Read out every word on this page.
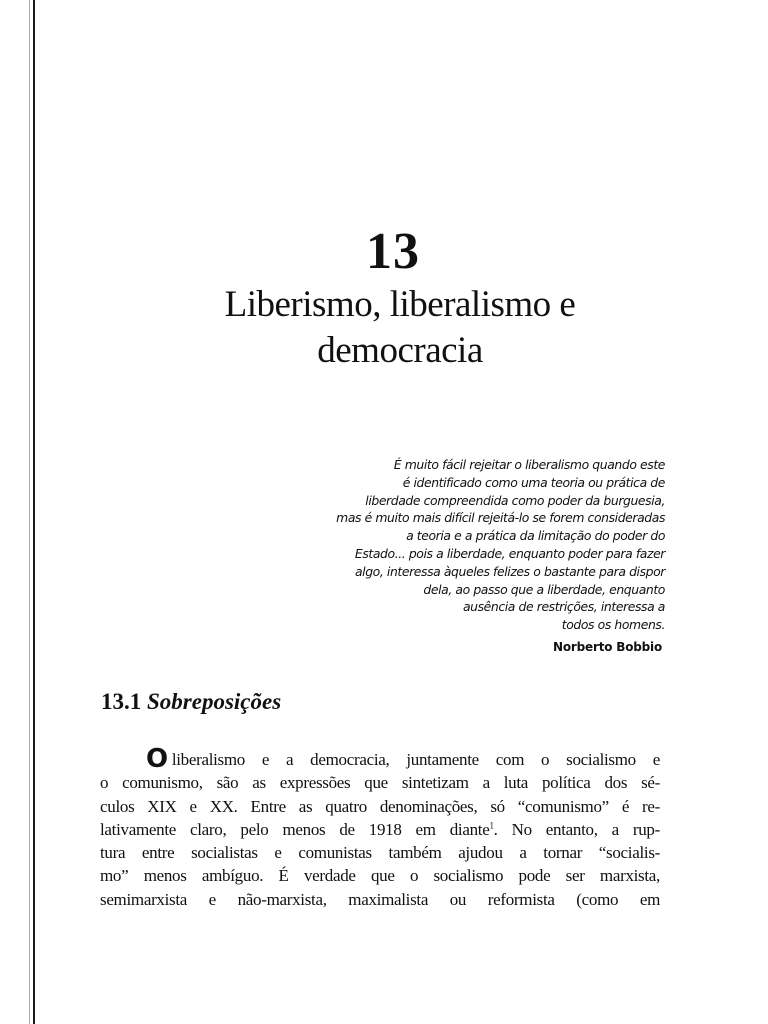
13
Liberismo, liberalismo e
democracia
É muito fácil rejeitar o liberalismo quando este
é identificado como uma teoria ou prática de
liberdade compreendida como poder da burguesia,
mas é muito mais difícil rejeitá-lo se forem consideradas
a teoria e a prática da limitação do poder do
Estado... pois a liberdade, enquanto poder para fazer
algo, interessa àqueles felizes o bastante para dispor
dela, ao passo que a liberdade, enquanto
ausência de restrições, interessa a
todos os homens.
Norberto Bobbio
13.1 Sobreposições
Oliberalismo e a democracia, juntamente com o socialismo e
o comunismo, são as expressões que sintetizam a luta política dos sé-
culos XIX e XX. Entre as quatro denominações, só “comunismo” é re-
lativamente claro, pelo menos de 1918 em diante$^1$. No entanto, a rup-
tura entre socialistas e comunistas também ajudou a tornar “socialis-
mo” menos ambíguo. É verdade que o socialismo pode ser marxista,
semimarxista e não-marxista, maximalista ou reformista (como em
